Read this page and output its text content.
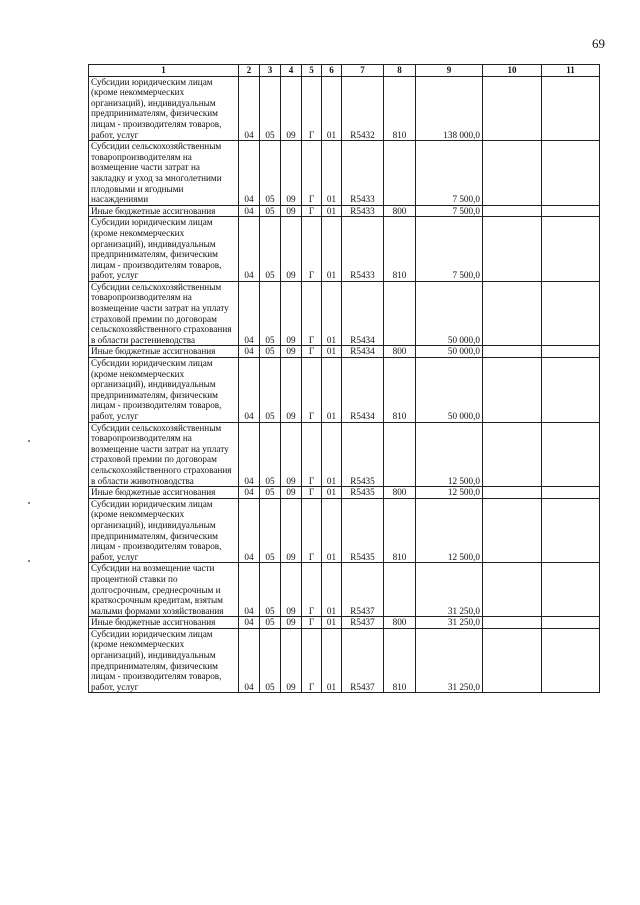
69
1	2	3	4	5	6	7	8	9	10	11
Субсидии юридическим лицам (кроме некоммерческих организаций), индивидуальным предпринимателям, физическим лицам - производителям товаров, работ, услуг	04	05	09	Г	01	R5432	810	138 000,0		
Субсидии сельскохозяйственным товаропроизводителям на возмещение части затрат на закладку и уход за многолетними плодовыми и ягодными насаждениями	04	05	09	Г	01	R5433		7 500,0		
Иные бюджетные ассигнования	04	05	09	Г	01	R5433	800	7 500,0		
Субсидии юридическим лицам (кроме некоммерческих организаций), индивидуальным предпринимателям, физическим лицам - производителям товаров, работ, услуг	04	05	09	Г	01	R5433	810	7 500,0		
Субсидии сельскохозяйственным товаропроизводителям на возмещение части затрат на уплату страховой премии по договорам сельскохозяйственного страхования в области растениеводства	04	05	09	Г	01	R5434		50 000,0		
Иные бюджетные ассигнования	04	05	09	Г	01	R5434	800	50 000,0		
Субсидии юридическим лицам (кроме некоммерческих организаций), индивидуальным предпринимателям, физическим лицам - производителям товаров, работ, услуг	04	05	09	Г	01	R5434	810	50 000,0		
Субсидии сельскохозяйственным товаропроизводителям на возмещение части затрат на уплату страховой премии по договорам сельскохозяйственного страхования в области животноводства	04	05	09	Г	01	R5435		12 500,0		
Иные бюджетные ассигнования	04	05	09	Г	01	R5435	800	12 500,0		
Субсидии юридическим лицам (кроме некоммерческих организаций), индивидуальным предпринимателям, физическим лицам - производителям товаров, работ, услуг	04	05	09	Г	01	R5435	810	12 500,0		
Субсидии на возмещение части процентной ставки по долгосрочным, среднесрочным и краткосрочным кредитам, взятым малыми формами хозяйствования	04	05	09	Г	01	R5437		31 250,0		
Иные бюджетные ассигнования	04	05	09	Г	01	R5437	800	31 250,0		
Субсидии юридическим лицам (кроме некоммерческих организаций), индивидуальным предпринимателям, физическим лицам - производителям товаров, работ, услуг	04	05	09	Г	01	R5437	810	31 250,0		
